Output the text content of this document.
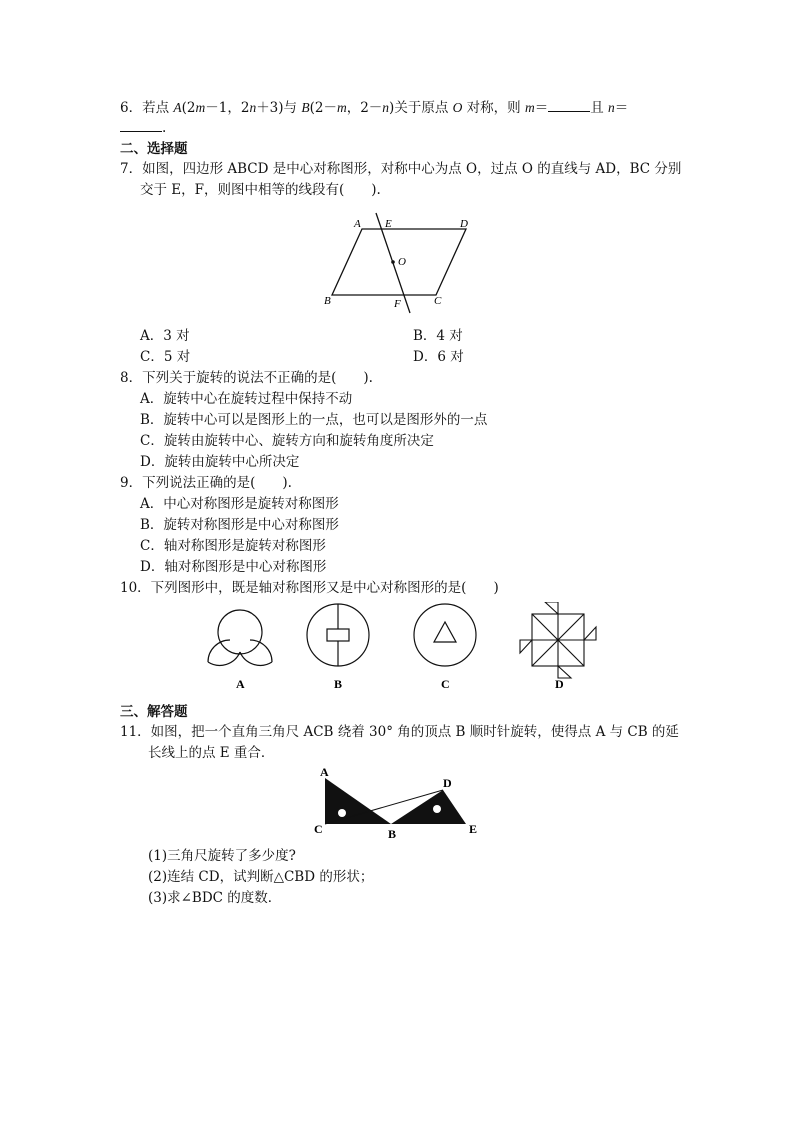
6．若点 A(2m－1，2n＋3)与 B(2－m，2－n)关于原点 O 对称，则 m＝	且 n＝
.
二、选择题
7．如图，四边形 ABCD 是中心对称图形，对称中心为点 O，过点 O 的直线与 AD，BC 分别
交于 E，F，则图中相等的线段有(　　).
A E	D
O
B	F	C
A．3 对	B．4 对
C．5 对	D．6 对
8．下列关于旋转的说法不正确的是(　　).
A．旋转中心在旋转过程中保持不动
B．旋转中心可以是图形上的一点，也可以是图形外的一点
C．旋转由旋转中心、旋转方向和旋转角度所决定
D．旋转由旋转中心所决定
9．下列说法正确的是(　　).
A．中心对称图形是旋转对称图形
B．旋转对称图形是中心对称图形
C．轴对称图形是旋转对称图形
D．轴对称图形是中心对称图形
10．下列图形中，既是轴对称图形又是中心对称图形的是(　　)
A	B	C	D
三、解答题
11．如图，把一个直角三角尺 ACB 绕着 30° 角的顶点 B 顺时针旋转，使得点 A 与 CB 的延
长线上的点 E 重合．
A
D
C	B	E
(1)三角尺旋转了多少度?
(2)连结 CD，试判断△CBD 的形状；
(3)求∠BDC 的度数．
